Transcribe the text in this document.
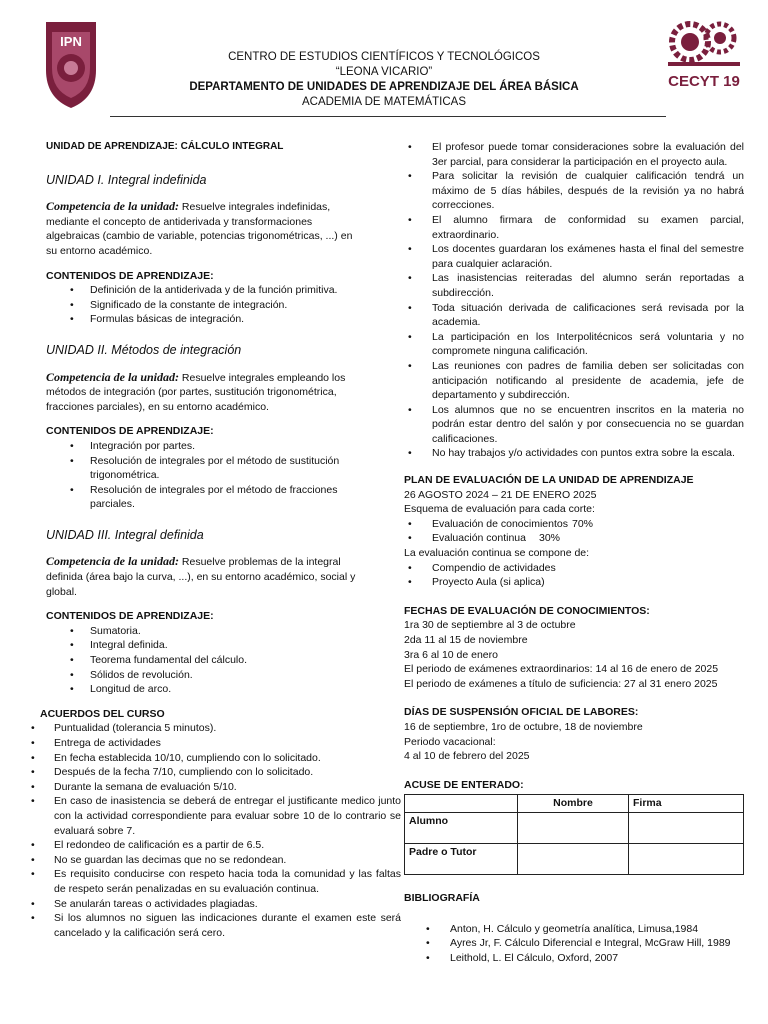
IPN
CECYT 19
CENTRO DE ESTUDIOS CIENTÍFICOS Y TECNOLÓGICOS
“LEONA VICARIO”
DEPARTAMENTO DE UNIDADES DE APRENDIZAJE DEL ÁREA BÁSICA
ACADEMIA DE MATEMÁTICAS
UNIDAD DE APRENDIZAJE: CÁLCULO INTEGRAL
UNIDAD I. Integral indefinida
Competencia de la unidad: Resuelve integrales indefinidas, mediante el concepto de antiderivada y transformaciones algebraicas (cambio de variable, potencias trigonométricas, ...) en su entorno académico.
CONTENIDOS DE APRENDIZAJE:
• Definición de la antiderivada y de la función primitiva.
• Significado de la constante de integración.
• Formulas básicas de integración.
UNIDAD II. Métodos de integración
Competencia de la unidad: Resuelve integrales empleando los métodos de integración (por partes, sustitución trigonométrica, fracciones parciales), en su entorno académico.
CONTENIDOS DE APRENDIZAJE:
• Integración por partes.
• Resolución de integrales por el método de sustitución trigonométrica.
• Resolución de integrales por el método de fracciones parciales.
UNIDAD III. Integral definida
Competencia de la unidad: Resuelve problemas de la integral definida (área bajo la curva, ...), en su entorno académico, social y global.
CONTENIDOS DE APRENDIZAJE:
• Sumatoria.
• Integral definida.
• Teorema fundamental del cálculo.
• Sólidos de revolución.
• Longitud de arco.
ACUERDOS DEL CURSO
• Puntualidad (tolerancia 5 minutos).
• Entrega de actividades
• En fecha establecida 10/10, cumpliendo con lo solicitado.
• Después de la fecha 7/10, cumpliendo con lo solicitado.
• Durante la semana de evaluación 5/10.
• En caso de inasistencia se deberá de entregar el justificante medico junto con la actividad correspondiente para evaluar sobre 10 de lo contrario se evaluará sobre 7.
• El redondeo de calificación es a partir de 6.5.
• No se guardan las decimas que no se redondean.
• Es requisito conducirse con respeto hacia toda la comunidad y las faltas de respeto serán penalizadas en su evaluación continua.
• Se anularán tareas o actividades plagiadas.
• Si los alumnos no siguen las indicaciones durante el examen este será cancelado y la calificación será cero.
• El profesor puede tomar consideraciones sobre la evaluación del 3er parcial, para considerar la participación en el proyecto aula.
• Para solicitar la revisión de cualquier calificación tendrá un máximo de 5 días hábiles, después de la revisión ya no habrá correcciones.
• El alumno firmara de conformidad su examen parcial, extraordinario.
• Los docentes guardaran los exámenes hasta el final del semestre para cualquier aclaración.
• Las inasistencias reiteradas del alumno serán reportadas a subdirección.
• Toda situación derivada de calificaciones será revisada por la academia.
• La participación en los Interpolitécnicos será voluntaria y no compromete ninguna calificación.
• Las reuniones con padres de familia deben ser solicitadas con anticipación notificando al presidente de academia, jefe de departamento y subdirección.
• Los alumnos que no se encuentren inscritos en la materia no podrán estar dentro del salón y por consecuencia no se guardan calificaciones.
• No hay trabajos y/o actividades con puntos extra sobre la escala.
PLAN DE EVALUACIÓN DE LA UNIDAD DE APRENDIZAJE
26 AGOSTO 2024 – 21 DE ENERO 2025
Esquema de evaluación para cada corte:
• Evaluación de conocimientos 70%
• Evaluación continua 30%
La evaluación continua se compone de:
• Compendio de actividades
• Proyecto Aula (si aplica)
FECHAS DE EVALUACIÓN DE CONOCIMIENTOS:
1ra 30 de septiembre al 3 de octubre
2da 11 al 15 de noviembre
3ra 6 al 10 de enero
El periodo de exámenes extraordinarios: 14 al 16 de enero de 2025
El periodo de exámenes a título de suficiencia: 27 al 31 enero 2025
DÍAS DE SUSPENSIÓN OFICIAL DE LABORES:
16 de septiembre, 1ro de octubre, 18 de noviembre
Periodo vacacional:
4 al 10 de febrero del 2025
ACUSE DE ENTERADO:
	Nombre	Firma
Alumno		
Padre o Tutor		
BIBLIOGRAFÍA
• Anton, H. Cálculo y geometría analítica, Limusa,1984
• Ayres Jr, F. Cálculo Diferencial e Integral, McGraw Hill, 1989
• Leithold, L. El Cálculo, Oxford, 2007
